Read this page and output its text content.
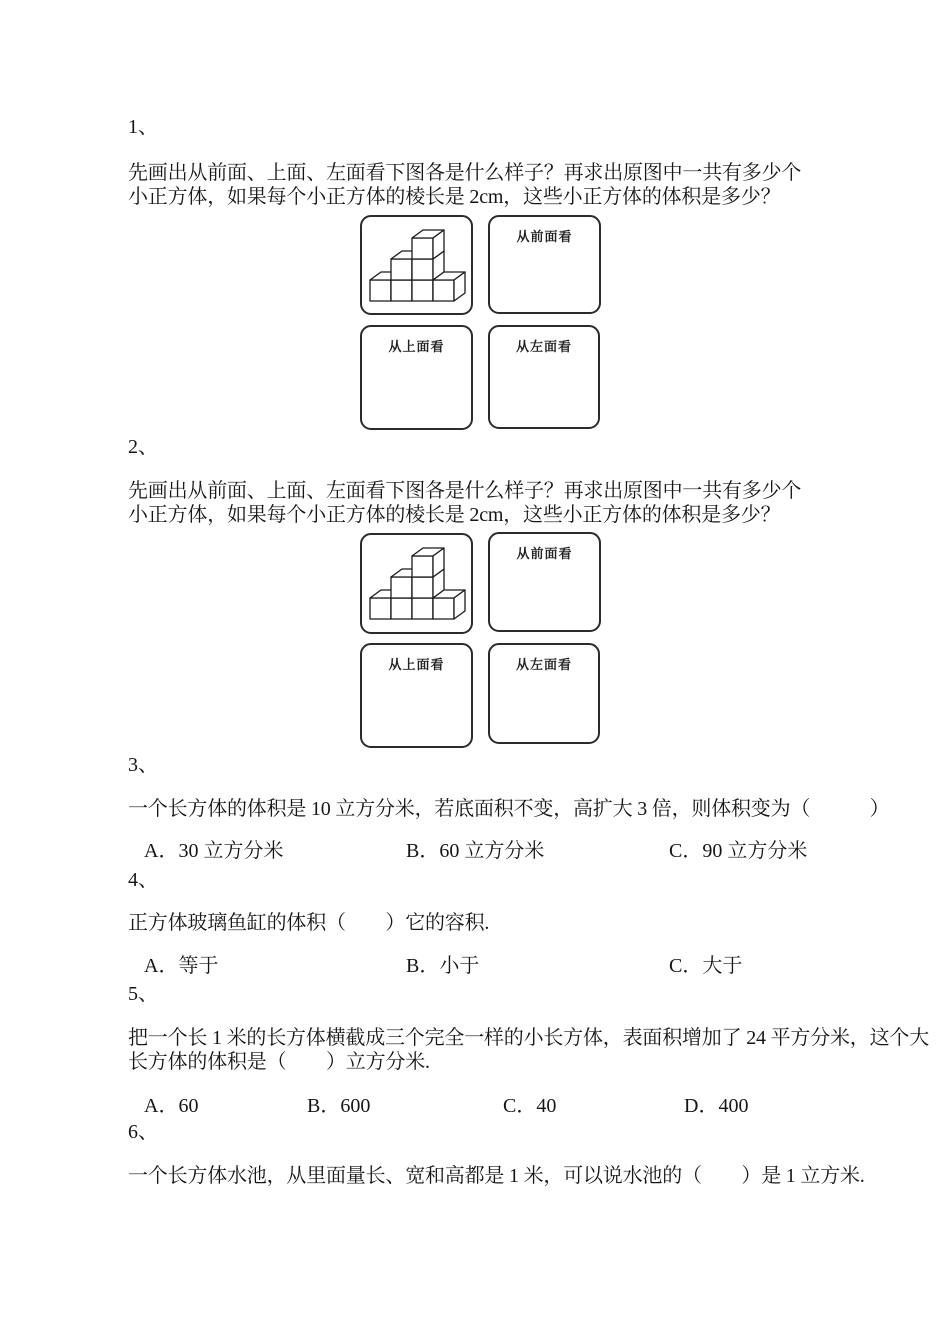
1、
先画出从前面、上面、左面看下图各是什么样子？再求出原图中一共有多少个
小正方体，如果每个小正方体的棱长是 2cm，这些小正方体的体积是多少？
从前面看
从上面看	从左面看
2、
先画出从前面、上面、左面看下图各是什么样子？再求出原图中一共有多少个
小正方体，如果每个小正方体的棱长是 2cm，这些小正方体的体积是多少？
从前面看
从上面看	从左面看
3、
一个长方体的体积是 10 立方分米，若底面积不变，高扩大 3 倍，则体积变为（　　　）
A．30 立方分米	B．60 立方分米	C．90 立方分米
4、
正方体玻璃鱼缸的体积（　　）它的容积.
A．等于	B．小于	C．大于
5、
把一个长 1 米的长方体横截成三个完全一样的小长方体，表面积增加了 24 平方分米，这个大
长方体的体积是（　　）立方分米.
A．60	B．600	C．40	D．400
6、
一个长方体水池，从里面量长、宽和高都是 1 米，可以说水池的（　　）是 1 立方米.
